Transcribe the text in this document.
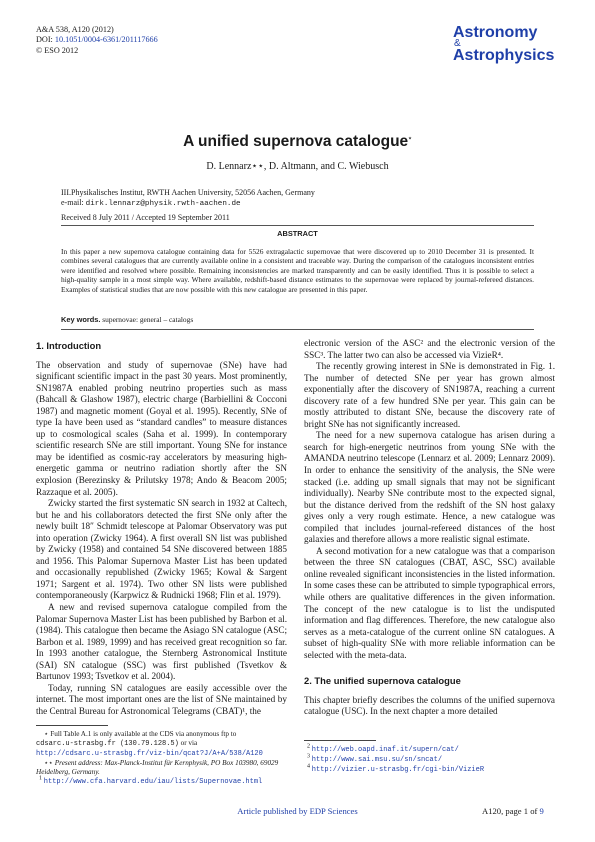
A&A 538, A120 (2012)
DOI: 10.1051/0004-6361/201117666
© ESO 2012
Astronomy
&
Astrophysics
A unified supernova catalogue⋆
D. Lennarz⋆⋆, D. Altmann, and C. Wiebusch
III.Physikalisches Institut, RWTH Aachen University, 52056 Aachen, Germany
e-mail: dirk.lennarz@physik.rwth-aachen.de
Received 8 July 2011 / Accepted 19 September 2011
ABSTRACT
In this paper a new supernova catalogue containing data for 5526 extragalactic supernovae that were discovered up to 2010 December 31 is presented. It combines several catalogues that are currently available online in a consistent and traceable way. During the comparison of the catalogues inconsistent entries were identified and resolved where possible. Remaining inconsistencies are marked transparently and can be easily identified. Thus it is possible to select a high-quality sample in a most simple way. Where available, redshift-based distance estimates to the supernovae were replaced by journal-refereed distances. Examples of statistical studies that are now possible with this new catalogue are presented in this paper.
Key words. supernovae: general – catalogs
1. Introduction

The observation and study of supernovae (SNe) have had significant scientific impact in the past 30 years. Most prominently, SN1987A enabled probing neutrino properties such as mass (Bahcall & Glashow 1987), electric charge (Barbiellini & Cocconi 1987) and magnetic moment (Goyal et al. 1995). Recently, SNe of type Ia have been used as “standard candles” to measure distances up to cosmological scales (Saha et al. 1999). In contemporary scientific research SNe are still important. Young SNe for instance may be identified as cosmic-ray accelerators by measuring high-energetic gamma or neutrino radiation shortly after the SN explosion (Berezinsky & Prilutsky 1978; Ando & Beacom 2005; Razzaque et al. 2005).

Zwicky started the first systematic SN search in 1932 at Caltech, but he and his collaborators detected the first SNe only after the newly built 18″ Schmidt telescope at Palomar Observatory was put into operation (Zwicky 1964). A first overall SN list was published by Zwicky (1958) and contained 54 SNe discovered between 1885 and 1956. This Palomar Supernova Master List has been updated and occasionally republished (Zwicky 1965; Kowal & Sargent 1971; Sargent et al. 1974). Two other SN lists were published contemporaneously (Karpwicz & Rudnicki 1968; Flin et al. 1979).

A new and revised supernova catalogue compiled from the Palomar Supernova Master List has been published by Barbon et al. (1984). This catalogue then became the Asiago SN catalogue (ASC; Barbon et al. 1989, 1999) and has received great recognition so far. In 1993 another catalogue, the Sternberg Astronomical Institute (SAI) SN catalogue (SSC) was first published (Tsvetkov & Bartunov 1993; Tsvetkov et al. 2004).

Today, running SN catalogues are easily accessible over the internet. The most important ones are the list of SNe maintained by the Central Bureau for Astronomical Telegrams (CBAT)¹, the

⋆ Full Table A.1 is only available at the CDS via anonymous ftp to
cdsarc.u-strasbg.fr (130.79.128.5) or via
http://cdsarc.u-strasbg.fr/viz-bin/qcat?J/A+A/538/A120
⋆⋆ Present address: Max-Planck-Institut für Kernphysik, PO Box 103980, 69029 Heidelberg, Germany.
$^1$ http://www.cfa.harvard.edu/iau/lists/Supernovae.html

electronic version of the ASC² and the electronic version of the SSC³. The latter two can also be accessed via VizieR⁴.

The recently growing interest in SNe is demonstrated in Fig. 1. The number of detected SNe per year has grown almost exponentially after the discovery of SN1987A, reaching a current discovery rate of a few hundred SNe per year. This gain can be mostly attributed to distant SNe, because the discovery rate of bright SNe has not significantly increased.

The need for a new supernova catalogue has arisen during a search for high-energetic neutrinos from young SNe with the AMANDA neutrino telescope (Lennarz et al. 2009; Lennarz 2009). In order to enhance the sensitivity of the analysis, the SNe were stacked (i.e. adding up small signals that may not be significant individually). Nearby SNe contribute most to the expected signal, but the distance derived from the redshift of the SN host galaxy gives only a very rough estimate. Hence, a new catalogue was compiled that includes journal-refereed distances of the host galaxies and therefore allows a more realistic signal estimate.

A second motivation for a new catalogue was that a comparison between the three SN catalogues (CBAT, ASC, SSC) available online revealed significant inconsistencies in the listed information. In some cases these can be attributed to simple typographical errors, while others are qualitative differences in the given information. The concept of the new catalogue is to list the undisputed information and flag differences. Therefore, the new catalogue also serves as a meta-catalogue of the current online SN catalogues. A subset of high-quality SNe with more reliable information can be selected with the meta-data.

2. The unified supernova catalogue

This chapter briefly describes the columns of the unified supernova catalogue (USC). In the next chapter a more detailed

$^2$ http://web.oapd.inaf.it/supern/cat/
$^3$ http://www.sai.msu.su/sn/sncat/
$^4$ http://vizier.u-strasbg.fr/cgi-bin/VizieR
Article published by EDP Sciences	A120, page 1 of 9
